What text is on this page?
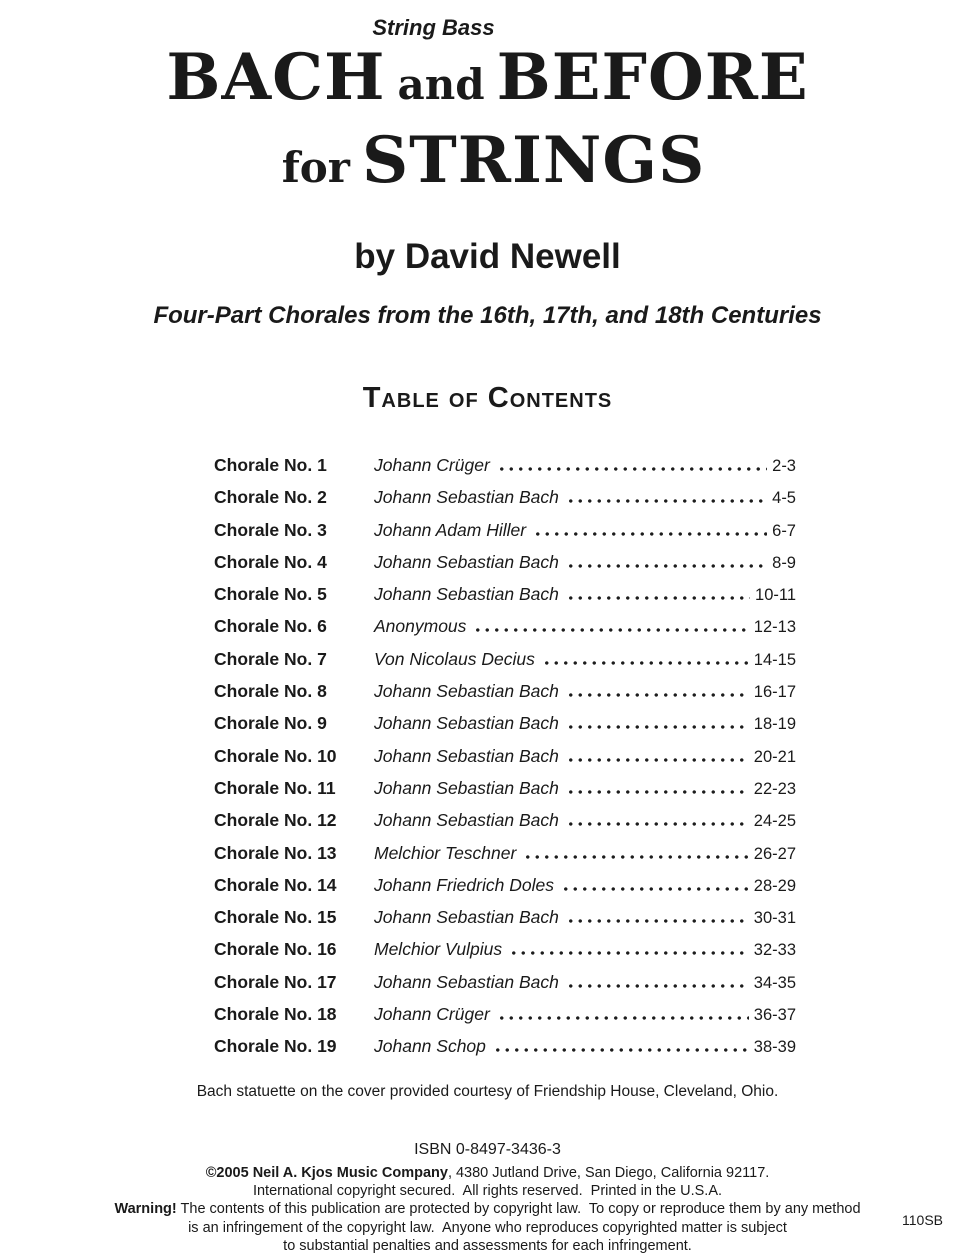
String Bass
BACH and BEFORE
for STRINGS
by David Newell
Four-Part Chorales from the 16th, 17th, and 18th Centuries
Table of Contents
Chorale No. 1	Johann Crüger	2-3
Chorale No. 2	Johann Sebastian Bach	4-5
Chorale No. 3	Johann Adam Hiller	6-7
Chorale No. 4	Johann Sebastian Bach	8-9
Chorale No. 5	Johann Sebastian Bach	10-11
Chorale No. 6	Anonymous	12-13
Chorale No. 7	Von Nicolaus Decius	14-15
Chorale No. 8	Johann Sebastian Bach	16-17
Chorale No. 9	Johann Sebastian Bach	18-19
Chorale No. 10	Johann Sebastian Bach	20-21
Chorale No. 11	Johann Sebastian Bach	22-23
Chorale No. 12	Johann Sebastian Bach	24-25
Chorale No. 13	Melchior Teschner	26-27
Chorale No. 14	Johann Friedrich Doles	28-29
Chorale No. 15	Johann Sebastian Bach	30-31
Chorale No. 16	Melchior Vulpius	32-33
Chorale No. 17	Johann Sebastian Bach	34-35
Chorale No. 18	Johann Crüger	36-37
Chorale No. 19	Johann Schop	38-39
Bach statuette on the cover provided courtesy of Friendship House, Cleveland, Ohio.
ISBN 0-8497-3436-3
©2005 Neil A. Kjos Music Company, 4380 Jutland Drive, San Diego, California 92117.
International copyright secured.  All rights reserved.  Printed in the U.S.A.
Warning! The contents of this publication are protected by copyright law.  To copy or reproduce them by any method
is an infringement of the copyright law.  Anyone who reproduces copyrighted matter is subject
to substantial penalties and assessments for each infringement.
110SB
